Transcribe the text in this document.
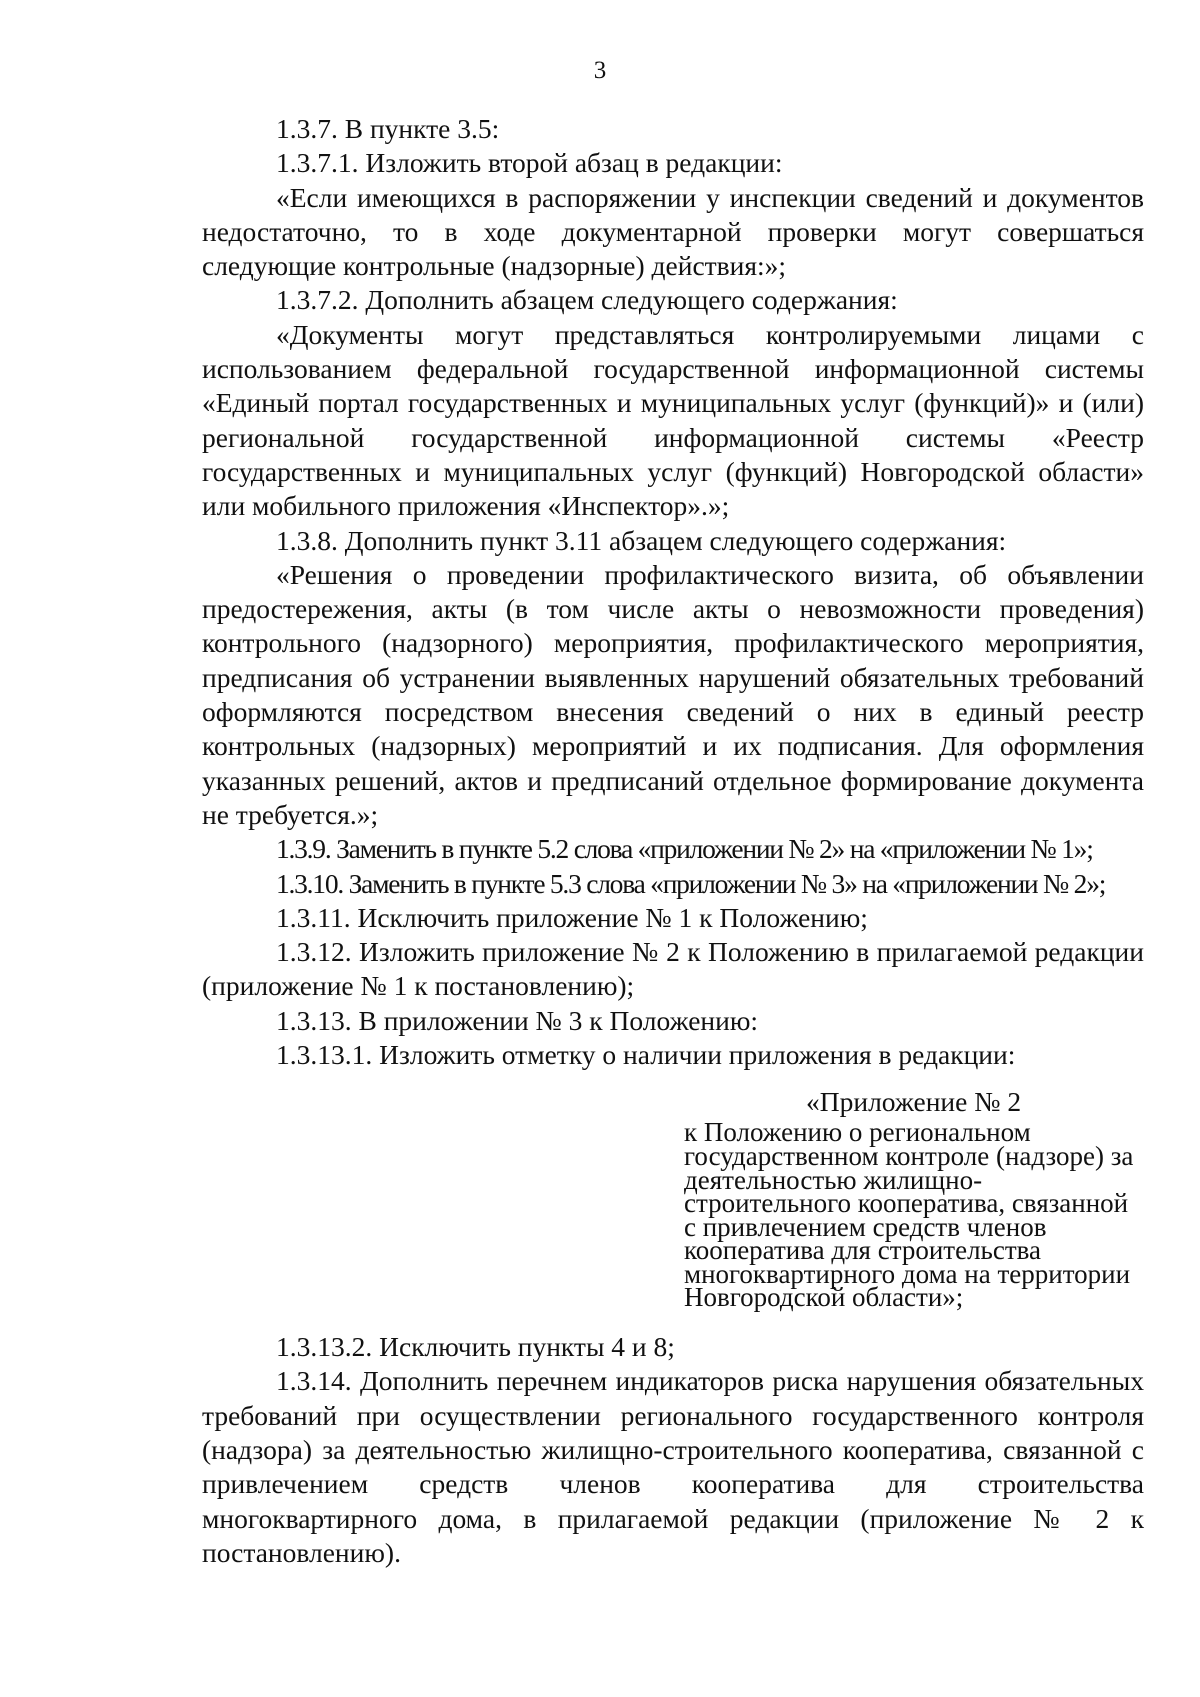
3

1.3.7. В пункте 3.5:

1.3.7.1. Изложить второй абзац в редакции:

«Если имеющихся в распоряжении у инспекции сведений и документов недостаточно, то в ходе документарной проверки могут совершаться следующие контрольные (надзорные) действия:»;

1.3.7.2. Дополнить абзацем следующего содержания:

«Документы могут представляться контролируемыми лицами с использованием федеральной государственной информационной системы «Единый портал государственных и муниципальных услуг (функций)» и (или) региональной государственной информационной системы «Реестр государственных и муниципальных услуг (функций) Новгородской области» или мобильного приложения «Инспектор».»;

1.3.8. Дополнить пункт 3.11 абзацем следующего содержания:

«Решения о проведении профилактического визита, об объявлении предостережения, акты (в том числе акты о невозможности проведения) контрольного (надзорного) мероприятия, профилактического мероприятия, предписания об устранении выявленных нарушений обязательных требований оформляются посредством внесения сведений о них в единый реестр контрольных (надзорных) мероприятий и их подписания. Для оформления указанных решений, актов и предписаний отдельное формирование документа не требуется.»;

1.3.9. Заменить в пункте 5.2 слова «приложении № 2» на «приложении № 1»;

1.3.10. Заменить в пункте 5.3 слова «приложении № 3» на «приложении № 2»;

1.3.11. Исключить приложение № 1 к Положению;

1.3.12. Изложить приложение № 2 к Положению в прилагаемой редакции (приложение № 1 к постановлению);

1.3.13. В приложении № 3 к Положению:

1.3.13.1. Изложить отметку о наличии приложения в редакции:

«Приложение № 2
к Положению о региональном государственном контроле (надзоре) за деятельностью жилищно-строительного кооператива, связанной с привлечением средств членов кооператива для строительства многоквартирного дома на территории Новгородской области»;

1.3.13.2. Исключить пункты 4 и 8;

1.3.14. Дополнить перечнем индикаторов риска нарушения обязательных требований при осуществлении регионального государственного контроля (надзора) за деятельностью жилищно-строительного кооператива, связанной с привлечением средств членов кооператива для строительства многоквартирного дома, в прилагаемой редакции (приложение № 2 к постановлению).
